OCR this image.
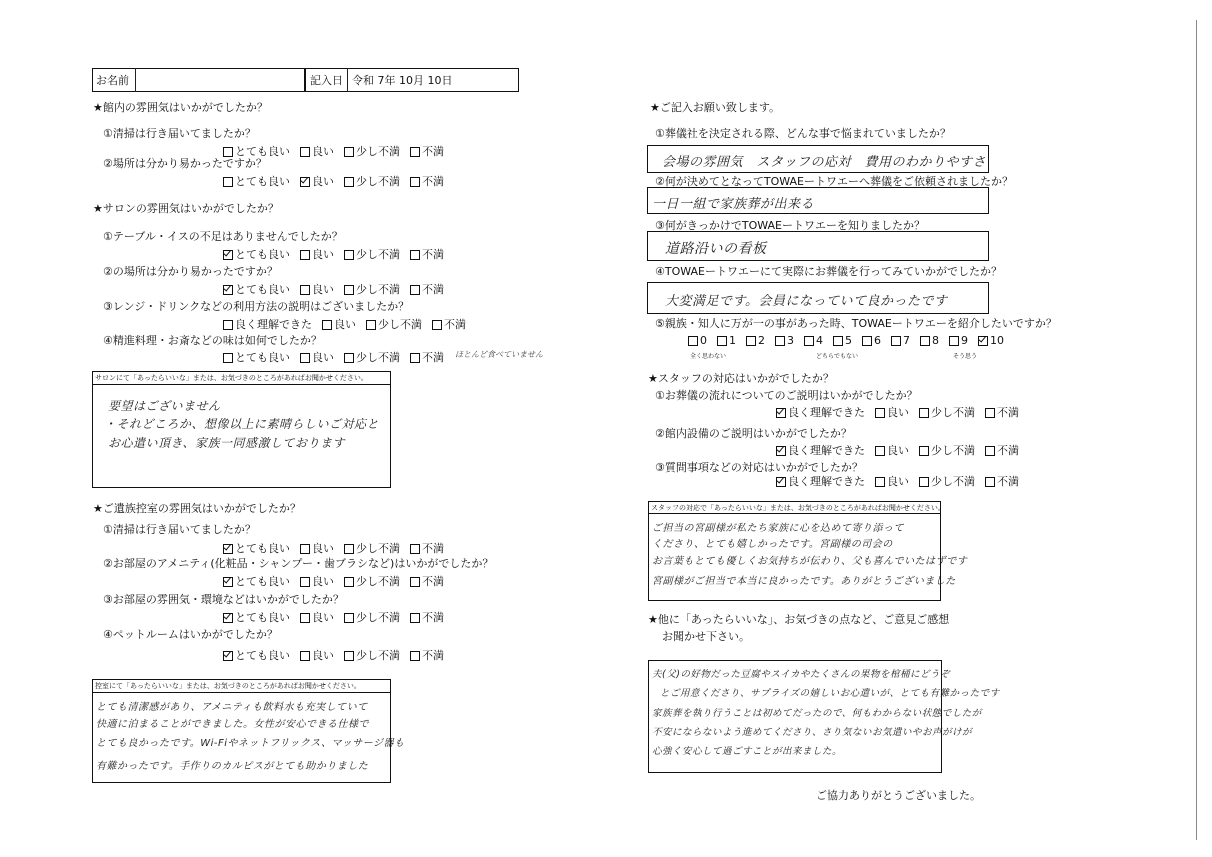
お名前	記入日 令和 7年 10月 10日
★館内の雰囲気はいかがでしたか？
①清掃は行き届いてましたか？
とても良い 良い 少し不満 不満
②場所は分かり易かったですか？
とても良い 良い 少し不満 不満
★サロンの雰囲気はいかがでしたか？
①テーブル・イスの不足はありませんでしたか？
とても良い 良い 少し不満 不満
②の場所は分かり易かったですか？
とても良い 良い 少し不満 不満
③レンジ・ドリンクなどの利用方法の説明はございましたか？
良く理解できた 良い 少し不満 不満
④精進料理・お斎などの味は如何でしたか？
とても良い 良い 少し不満 不満 ほとんど食べていません
サロンにて「あったらいいな」または、お気づきのところがあればお聞かせください。
要望はございません
・それどころか、想像以上に素晴らしいご対応と
お心遣い頂き、家族一同感激しております
★ご遺族控室の雰囲気はいかがでしたか？
①清掃は行き届いてましたか？
とても良い 良い 少し不満 不満
②お部屋のアメニティ(化粧品・シャンプー・歯ブラシなど)はいかがでしたか？
とても良い 良い 少し不満 不満
③お部屋の雰囲気・環境などはいかがでしたか？
とても良い 良い 少し不満 不満
④ペットルームはいかがでしたか？
とても良い 良い 少し不満 不満
控室にて「あったらいいな」または、お気づきのところがあればお聞かせください。
とても清潔感があり、アメニティも飲料水も充実していて
快適に泊まることができました。女性が安心できる仕様で
とても良かったです。Wi-Fiやネットフリックス、マッサージ器も
有難かったです。手作りのカルピスがとても助かりました
★ご記入お願い致します。
①葬儀社を決定される際、どんな事で悩まれていましたか？
会場の雰囲気　スタッフの応対　費用のわかりやすさ
②何が決めてとなってTOWAEートワエーへ葬儀をご依頼されましたか？
一日一組で家族葬が出来る
③何がきっかけでTOWAEートワエーを知りましたか？
道路沿いの看板
④TOWAEートワエーにて実際にお葬儀を行ってみていかがでしたか？
大変満足です。会員になっていて良かったです
⑤親族・知人に万が一の事があった時、TOWAEートワエーを紹介したいですか？
0 1 2 3 4 5 6 7 8 9 10
全く思わない	どちらでもない	そう思う
★スタッフの対応はいかがでしたか？
①お葬儀の流れについてのご説明はいかがでしたか？
良く理解できた 良い 少し不満 不満
②館内設備のご説明はいかがでしたか？
良く理解できた 良い 少し不満 不満
③質問事項などの対応はいかがでしたか？
良く理解できた 良い 少し不満 不満
スタッフの対応で「あったらいいな」または、お気づきのところがあればお聞かせください。
ご担当の宮副様が私たち家族に心を込めて寄り添って
くださり、とても嬉しかったです。宮副様の司会の
お言葉もとても優しくお気持ちが伝わり、父も喜んでいたはずです
宮副様がご担当で本当に良かったです。ありがとうございました
★他に「あったらいいな」、お気づきの点など、ご意見ご感想
お聞かせ下さい。
夫(父)の好物だった豆腐やスイカやたくさんの果物を棺桶にどうぞ
とご用意くださり、サプライズの嬉しいお心遣いが、とても有難かったです
家族葬を執り行うことは初めてだったので、何もわからない状態でしたが
不安にならないよう進めてくださり、さり気ないお気遣いやお声がけが
心強く安心して過ごすことが出来ました。
ご協力ありがとうございました。
